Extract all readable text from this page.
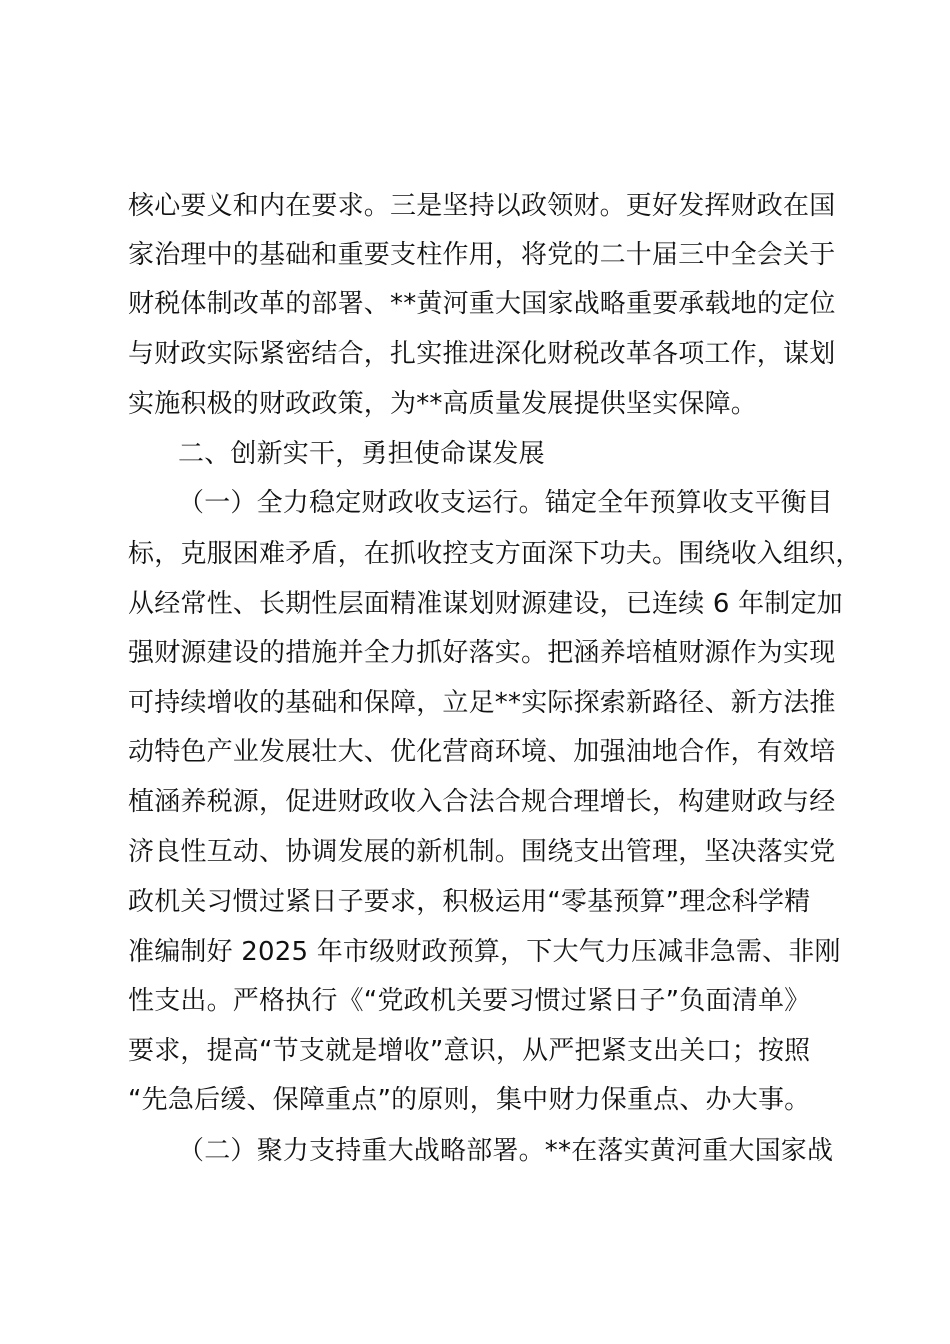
核心要义和内在要求。三是坚持以政领财。更好发挥财政在国
家治理中的基础和重要支柱作用，将党的二十届三中全会关于
财税体制改革的部署、**黄河重大国家战略重要承载地的定位
与财政实际紧密结合，扎实推进深化财税改革各项工作，谋划
实施积极的财政政策，为**高质量发展提供坚实保障。
二、创新实干，勇担使命谋发展
（一）全力稳定财政收支运行。锚定全年预算收支平衡目
标，克服困难矛盾，在抓收控支方面深下功夫。围绕收入组织，
从经常性、长期性层面精准谋划财源建设，已连续 6 年制定加
强财源建设的措施并全力抓好落实。把涵养培植财源作为实现
可持续增收的基础和保障，立足**实际探索新路径、新方法推
动特色产业发展壮大、优化营商环境、加强油地合作，有效培
植涵养税源，促进财政收入合法合规合理增长，构建财政与经
济良性互动、协调发展的新机制。围绕支出管理，坚决落实党
政机关习惯过紧日子要求，积极运用“零基预算”理念科学精
准编制好 2025 年市级财政预算，下大气力压减非急需、非刚
性支出。严格执行《“党政机关要习惯过紧日子”负面清单》
要求，提高“节支就是增收”意识，从严把紧支出关口；按照
“先急后缓、保障重点”的原则，集中财力保重点、办大事。
（二）聚力支持重大战略部署。**在落实黄河重大国家战
